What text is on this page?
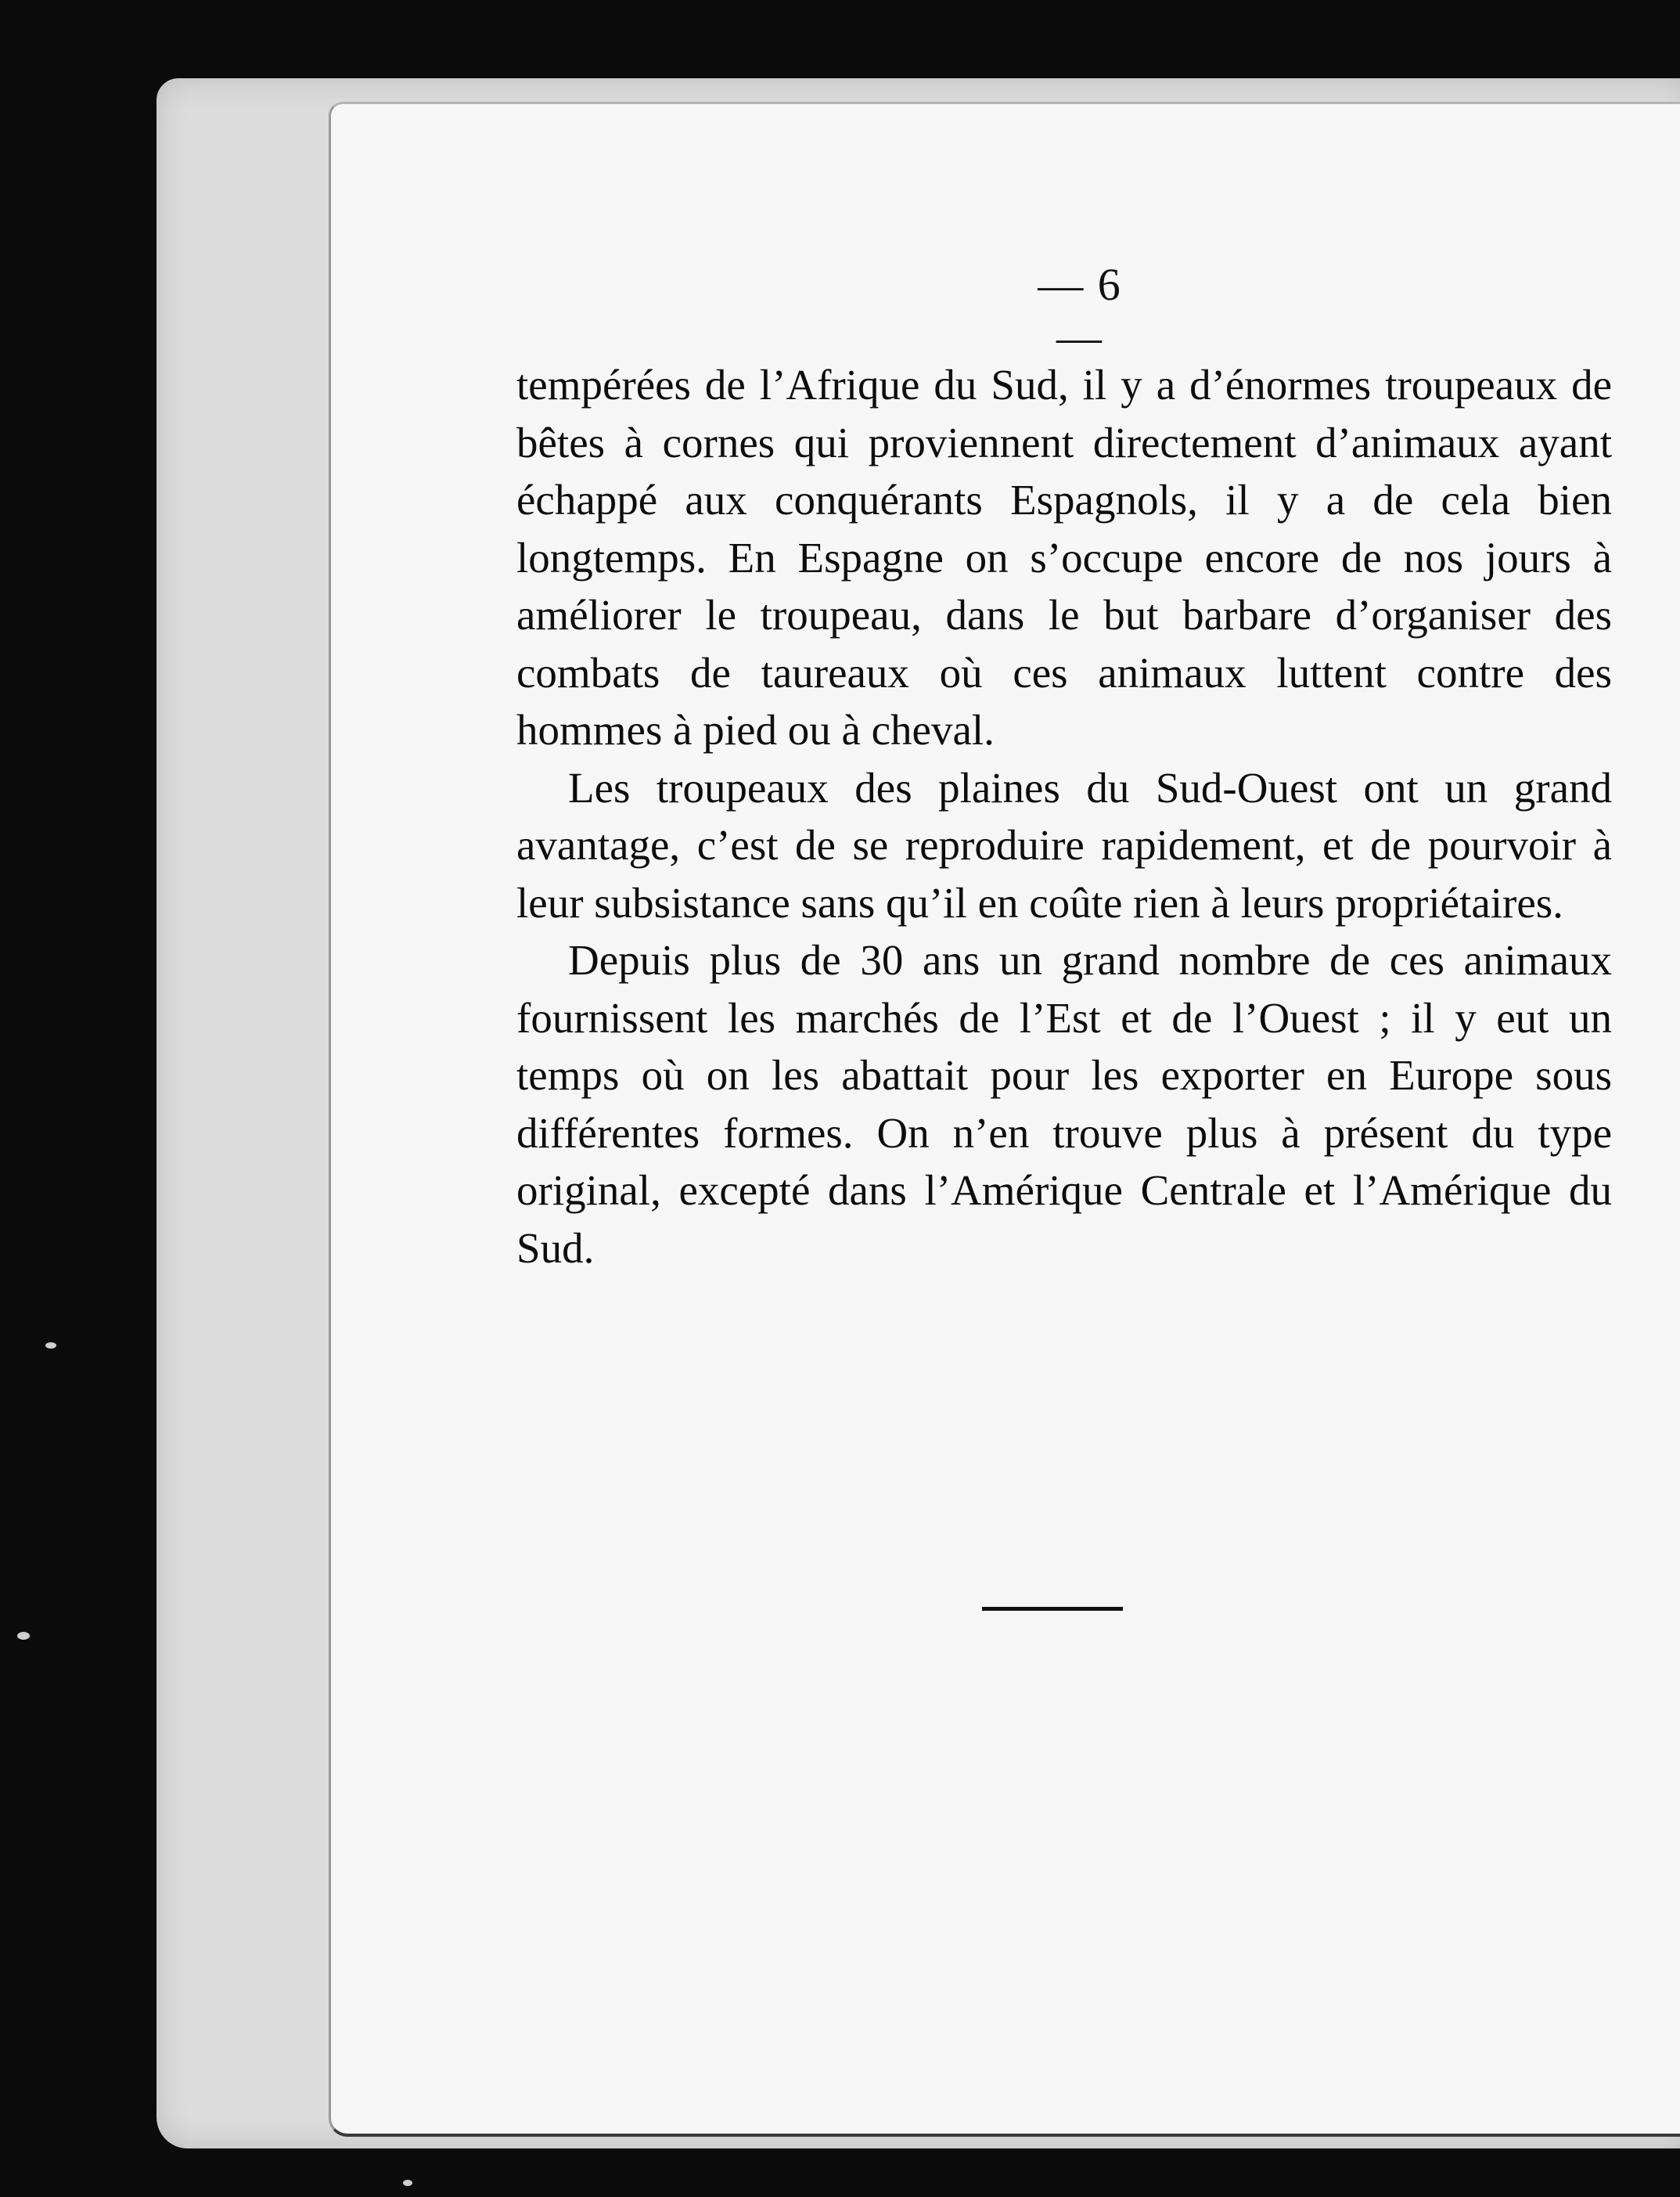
— 6 —

tempérées de l’Afrique du Sud, il y a d’énormes troupeaux de bêtes à cornes qui proviennent directement d’animaux ayant échappé aux conquérants Espagnols, il y a de cela bien longtemps. En Espagne on s’occupe encore de nos jours à améliorer le troupeau, dans le but barbare d’organiser des combats de taureaux où ces animaux luttent contre des hommes à pied ou à cheval.

Les troupeaux des plaines du Sud-Ouest ont un grand avantage, c’est de se reproduire rapidement, et de pourvoir à leur subsistance sans qu’il en coûte rien à leurs propriétaires.

Depuis plus de 30 ans un grand nombre de ces animaux fournissent les marchés de l’Est et de l’Ouest ; il y eut un temps où on les abattait pour les exporter en Europe sous différentes formes. On n’en trouve plus à présent du type original, excepté dans l’Amérique Centrale et l’Amérique du Sud.
